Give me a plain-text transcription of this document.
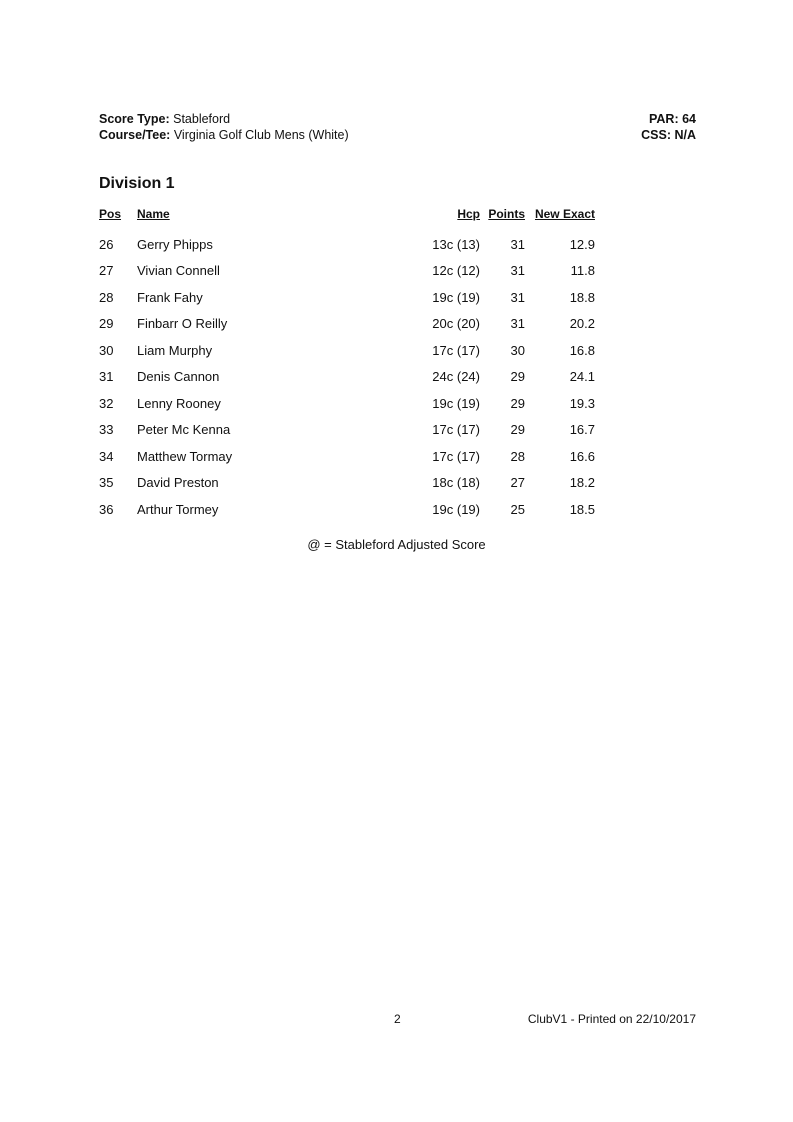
Score Type: Stableford
Course/Tee: Virginia Golf Club Mens (White)
PAR: 64
CSS: N/A
Division 1
Pos	Name	Hcp	Points	New Exact

26	Gerry Phipps	13c (13)	31	12.9
27	Vivian Connell	12c (12)	31	11.8
28	Frank Fahy	19c (19)	31	18.8
29	Finbarr O Reilly	20c (20)	31	20.2
30	Liam Murphy	17c (17)	30	16.8
31	Denis Cannon	24c (24)	29	24.1
32	Lenny Rooney	19c (19)	29	19.3
33	Peter Mc Kenna	17c (17)	29	16.7
34	Matthew Tormay	17c (17)	28	16.6
35	David Preston	18c (18)	27	18.2
36	Arthur Tormey	19c (19)	25	18.5
@ = Stableford Adjusted Score
2	ClubV1 - Printed on 22/10/2017
